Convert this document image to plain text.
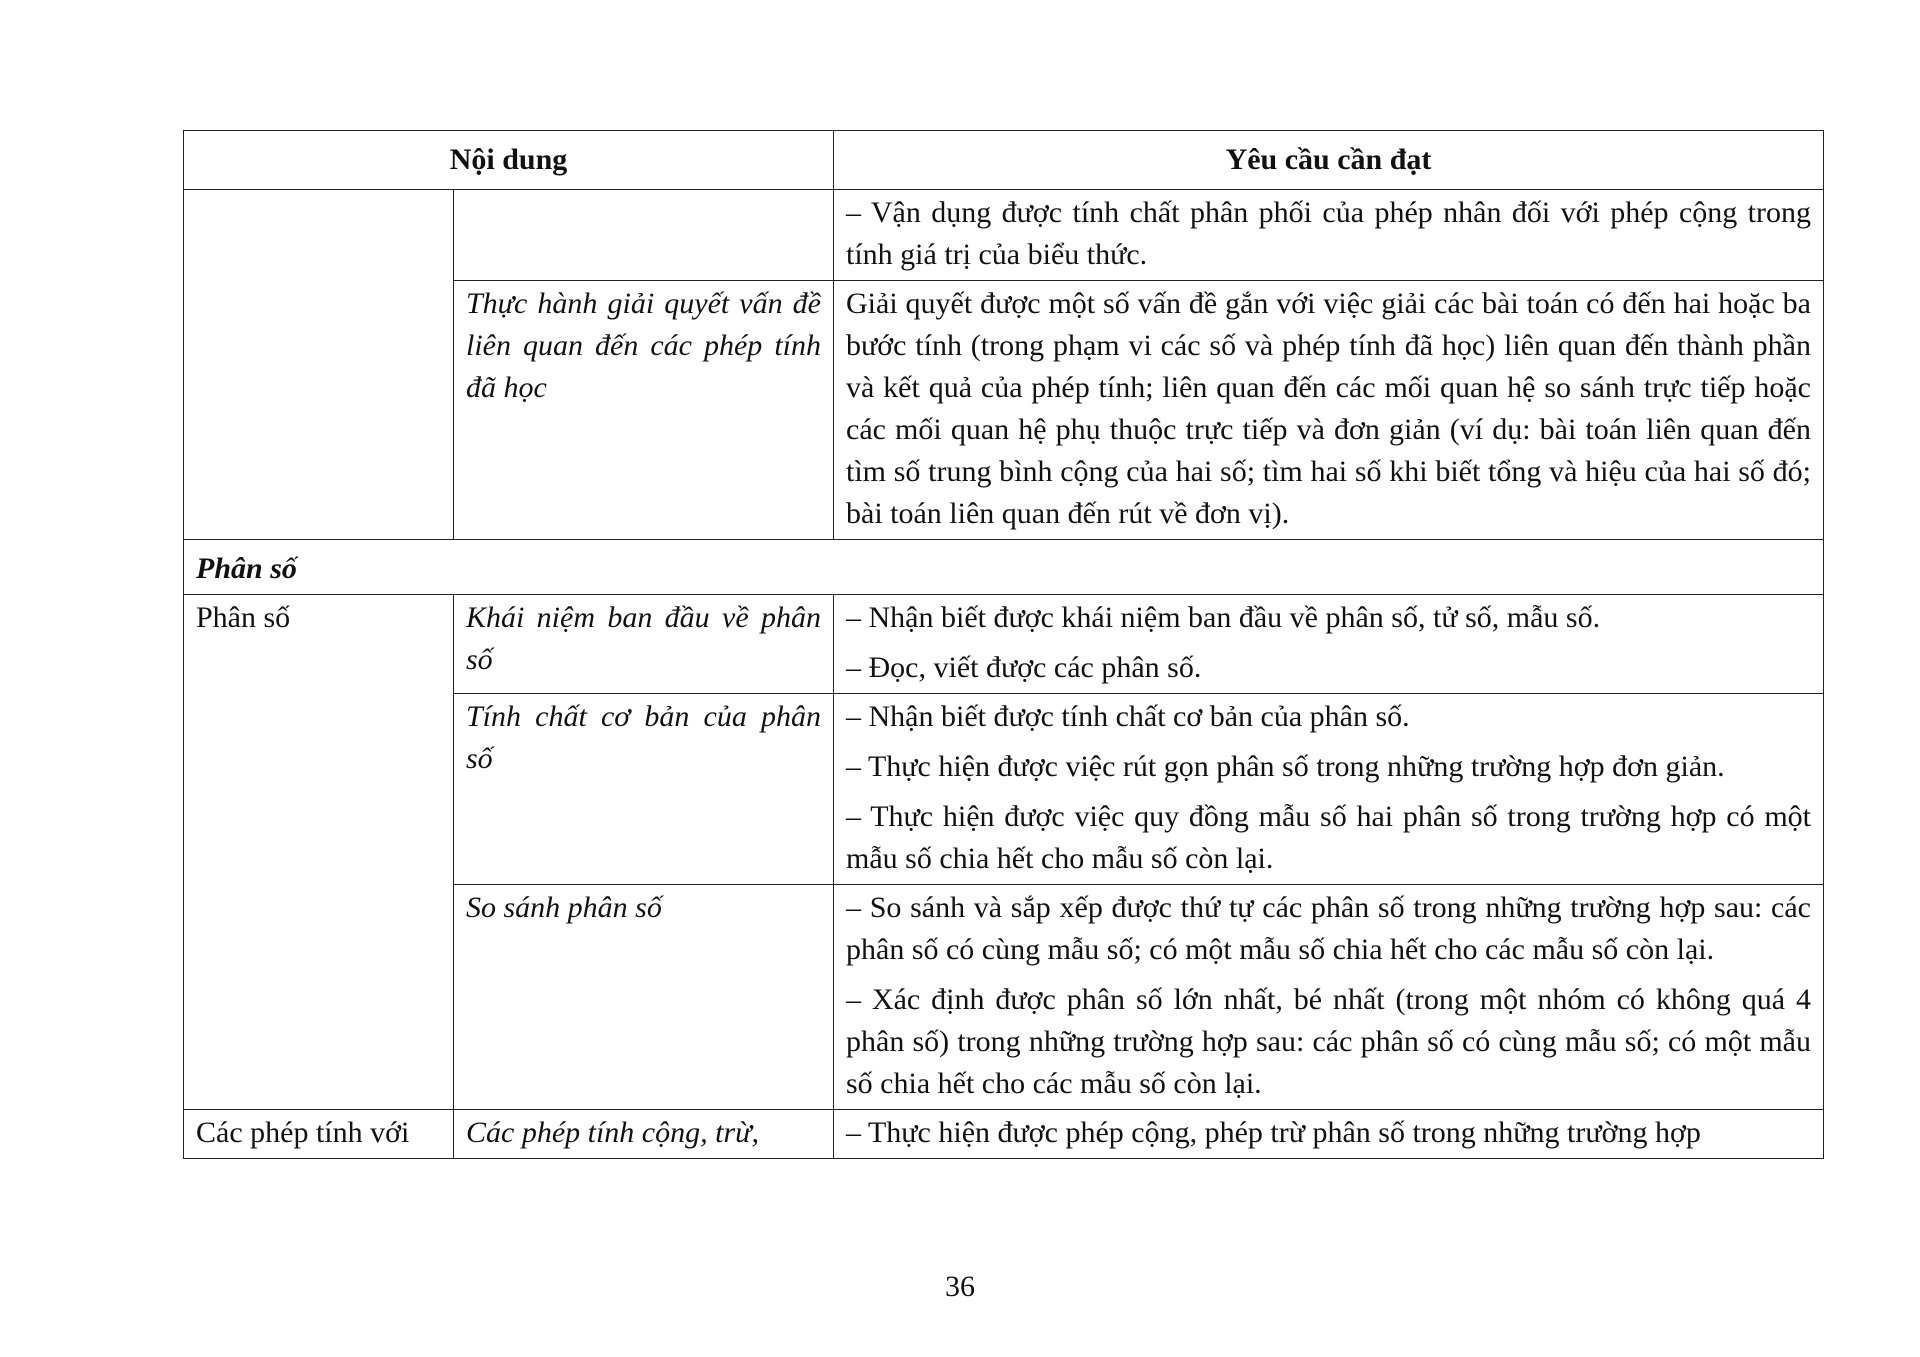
Nội dung		Yêu cầu cần đạt

		– Vận dụng được tính chất phân phối của phép nhân đối với phép cộng trong tính giá trị của biểu thức.

	Thực hành giải quyết vấn đề liên quan đến các phép tính đã học	Giải quyết được một số vấn đề gắn với việc giải các bài toán có đến hai hoặc ba bước tính (trong phạm vi các số và phép tính đã học) liên quan đến thành phần và kết quả của phép tính; liên quan đến các mối quan hệ so sánh trực tiếp hoặc các mối quan hệ phụ thuộc trực tiếp và đơn giản (ví dụ: bài toán liên quan đến tìm số trung bình cộng của hai số; tìm hai số khi biết tổng và hiệu của hai số đó; bài toán liên quan đến rút về đơn vị).

Phân số		
Phân số	Khái niệm ban đầu về phân số	– Nhận biết được khái niệm ban đầu về phân số, tử số, mẫu số.

– Đọc, viết được các phân số.

	Tính chất cơ bản của phân số	– Nhận biết được tính chất cơ bản của phân số.

– Thực hiện được việc rút gọn phân số trong những trường hợp đơn giản.

– Thực hiện được việc quy đồng mẫu số hai phân số trong trường hợp có một mẫu số chia hết cho mẫu số còn lại.

	So sánh phân số	– So sánh và sắp xếp được thứ tự các phân số trong những trường hợp sau: các phân số có cùng mẫu số; có một mẫu số chia hết cho các mẫu số còn lại.

– Xác định được phân số lớn nhất, bé nhất (trong một nhóm có không quá 4 phân số) trong những trường hợp sau: các phân số có cùng mẫu số; có một mẫu số chia hết cho các mẫu số còn lại.

Các phép tính với	Các phép tính cộng, trừ,	– Thực hiện được phép cộng, phép trừ phân số trong những trường hợp

36
